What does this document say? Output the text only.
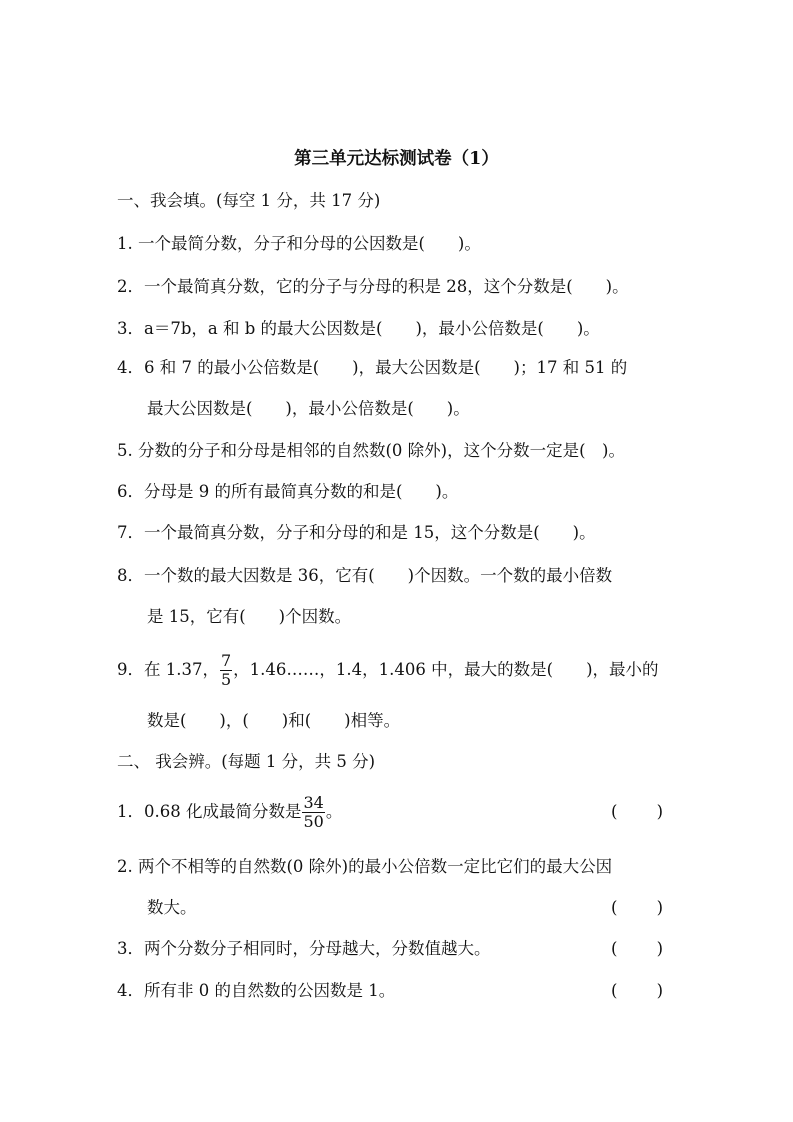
第三单元达标测试卷（1）
一、我会填。(每空 1 分，共 17 分)
1. 一个最简分数，分子和分母的公因数是(　　)。
2．一个最简真分数，它的分子与分母的积是 28，这个分数是(　　)。
3．a＝7b，a 和 b 的最大公因数是(　　)，最小公倍数是(　　)。
4．6 和 7 的最小公倍数是(　　)，最大公因数是(　　)；17 和 51 的
最大公因数是(　　)，最小公倍数是(　　)。
5. 分数的分子和分母是相邻的自然数(0 除外)，这个分数一定是(　)。
6．分母是 9 的所有最简真分数的和是(　　)。
7．一个最简真分数，分子和分母的和是 15，这个分数是(　　)。
8．一个数的最大因数是 36，它有(　　)个因数。一个数的最小倍数
是 15，它有(　　)个因数。
9．在 1.37， $\frac{7}{5}$ ，1.46……，1.4，1.406 中，最大的数是(　　)，最小的
数是(　　)，(　　)和(　　)相等。
二、 我会辨。(每题 1 分，共 5 分)
1．0.68 化成最简分数是 $\frac{34}{50}$ 。	( )
2. 两个不相等的自然数(0 除外)的最小公倍数一定比它们的最大公因
数大。	( )
3．两个分数分子相同时，分母越大，分数值越大。	( )
4．所有非 0 的自然数的公因数是 1。	( )
